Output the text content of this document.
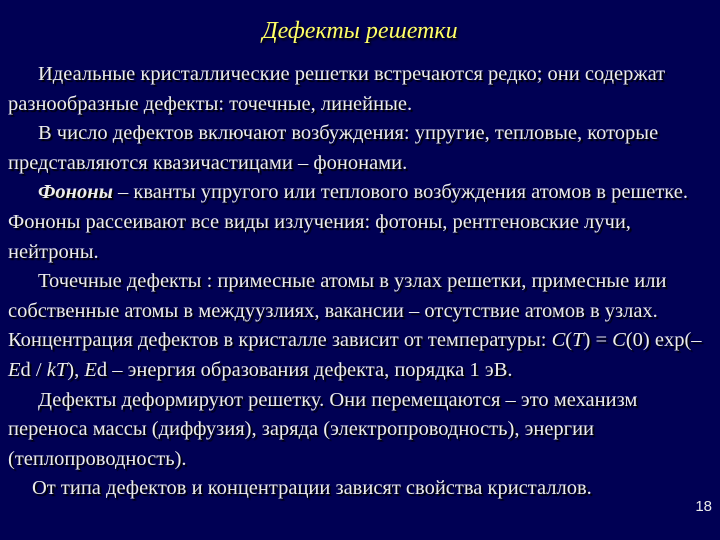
Дефекты решетки

Идеальные кристаллические решетки встречаются редко; они содержат разнообразные дефекты: точечные, линейные.

В число дефектов включают возбуждения: упругие, тепловые, которые представляются квазичастицами – фононами.

Фононы – кванты упругого или теплового возбуждения атомов в решетке. Фононы рассеивают все виды излучения: фотоны, рентгеновские лучи, нейтроны.

Точечные дефекты : примесные атомы в узлах решетки, примесные или собственные атомы в междуузлиях, вакансии – отсутствие атомов в узлах. Концентрация дефектов в кристалле зависит от температуры: C(T) = C(0) exp(–Ed / kT), Ed – энергия образования дефекта, порядка 1 эВ.

Дефекты деформируют решетку. Они перемещаются – это механизм переноса массы (диффузия), заряда (электропроводность), энергии (теплопроводность).

От типа дефектов и концентрации зависят свойства кристаллов.

18
